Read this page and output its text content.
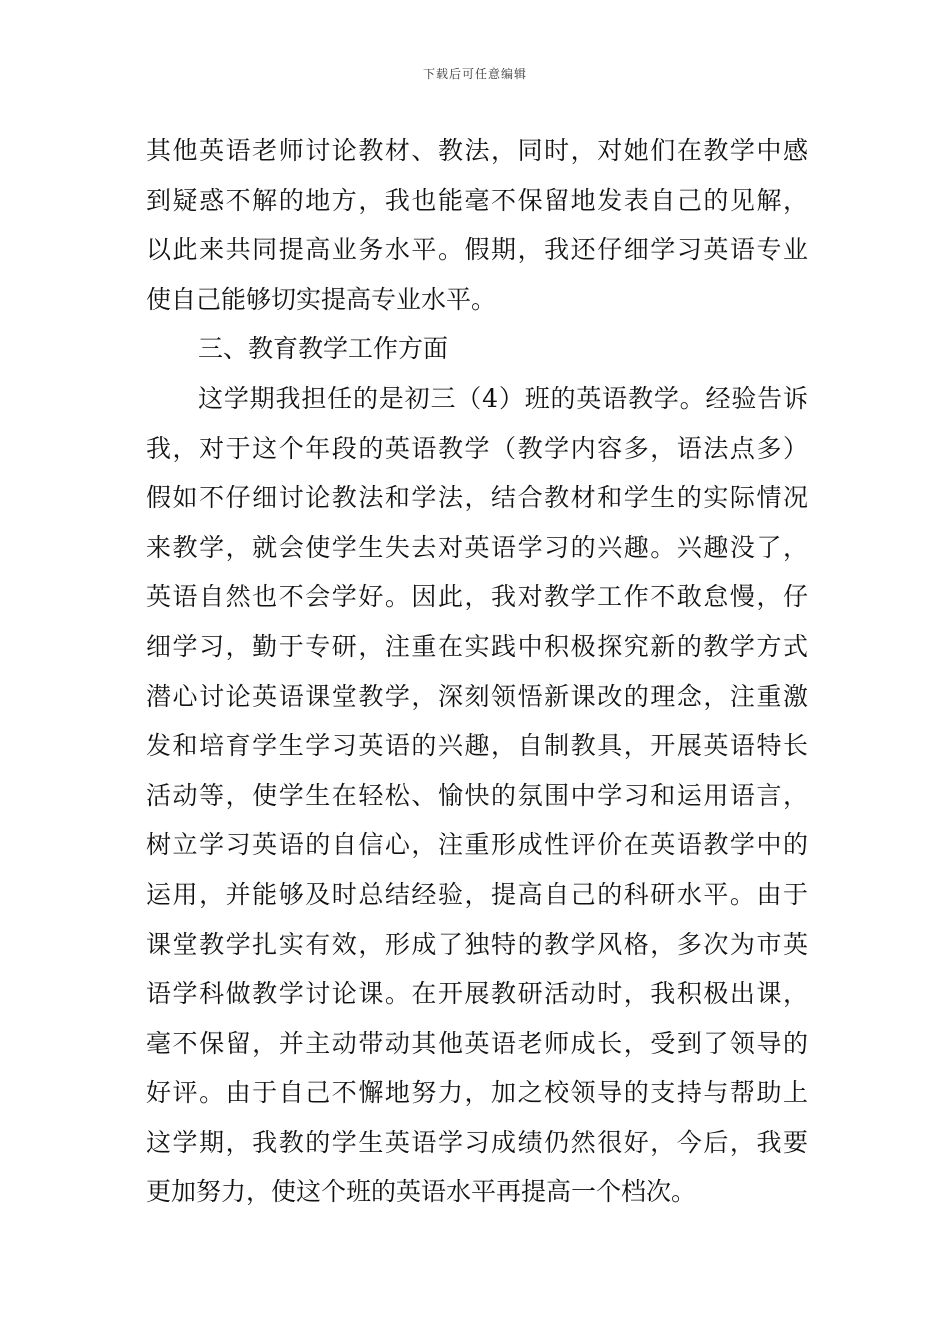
下载后可任意编辑
其他英语老师讨论教材、教法，同时，对她们在教学中感
到疑惑不解的地方，我也能毫不保留地发表自己的见解，
以此来共同提高业务水平。假期，我还仔细学习英语专业
使自己能够切实提高专业水平。
三、教育教学工作方面
这学期我担任的是初三（4）班的英语教学。经验告诉
我，对于这个年段的英语教学（教学内容多，语法点多）
假如不仔细讨论教法和学法，结合教材和学生的实际情况
来教学，就会使学生失去对英语学习的兴趣。兴趣没了，
英语自然也不会学好。因此，我对教学工作不敢怠慢，仔
细学习，勤于专研，注重在实践中积极探究新的教学方式
潜心讨论英语课堂教学，深刻领悟新课改的理念，注重激
发和培育学生学习英语的兴趣，自制教具，开展英语特长
活动等，使学生在轻松、愉快的氛围中学习和运用语言，
树立学习英语的自信心，注重形成性评价在英语教学中的
运用，并能够及时总结经验，提高自己的科研水平。由于
课堂教学扎实有效，形成了独特的教学风格，多次为市英
语学科做教学讨论课。在开展教研活动时，我积极出课，
毫不保留，并主动带动其他英语老师成长，受到了领导的
好评。由于自己不懈地努力，加之校领导的支持与帮助上
这学期，我教的学生英语学习成绩仍然很好，今后，我要
更加努力，使这个班的英语水平再提高一个档次。
